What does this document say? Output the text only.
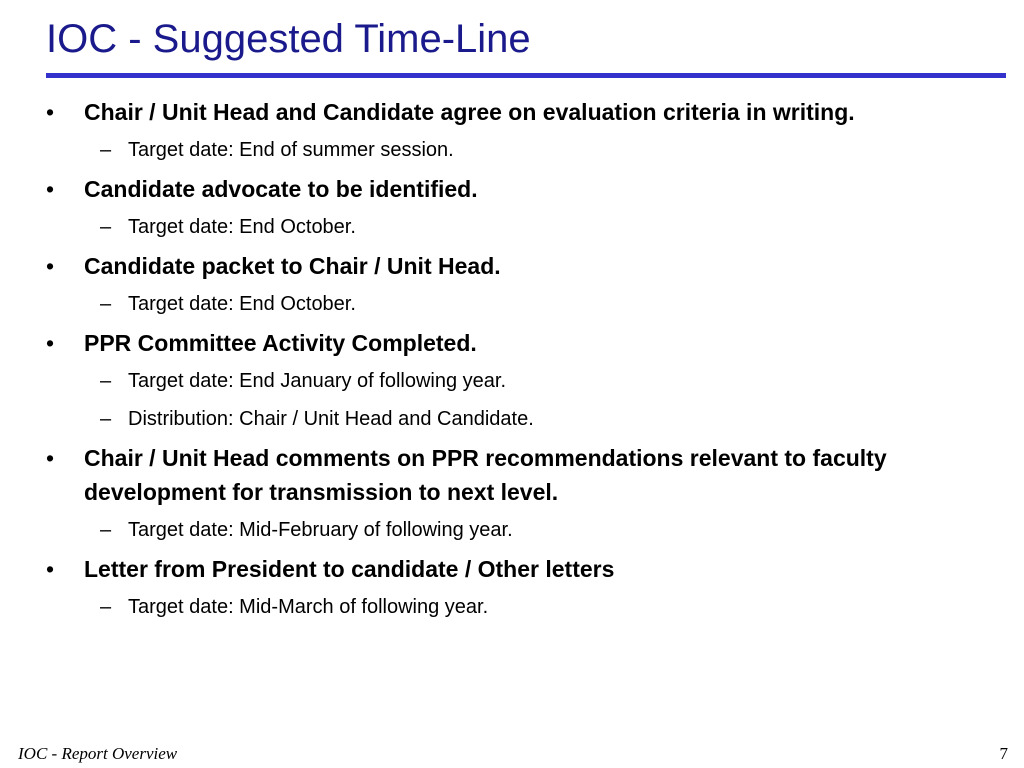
IOC - Suggested Time-Line
•	Chair / Unit Head and Candidate agree on evaluation criteria in writing.
– Target date: End of summer session.
•	Candidate advocate to be identified.
– Target date: End October.
•	Candidate packet to Chair / Unit Head.
– Target date: End October.
•	PPR Committee Activity Completed.
– Target date: End January of following year.
– Distribution: Chair / Unit Head and Candidate.
•	Chair / Unit Head comments on PPR recommendations relevant to faculty development for transmission to next level.
– Target date: Mid-February of following year.
•	Letter from President to candidate / Other letters
– Target date: Mid-March of following year.
IOC - Report Overview	7
